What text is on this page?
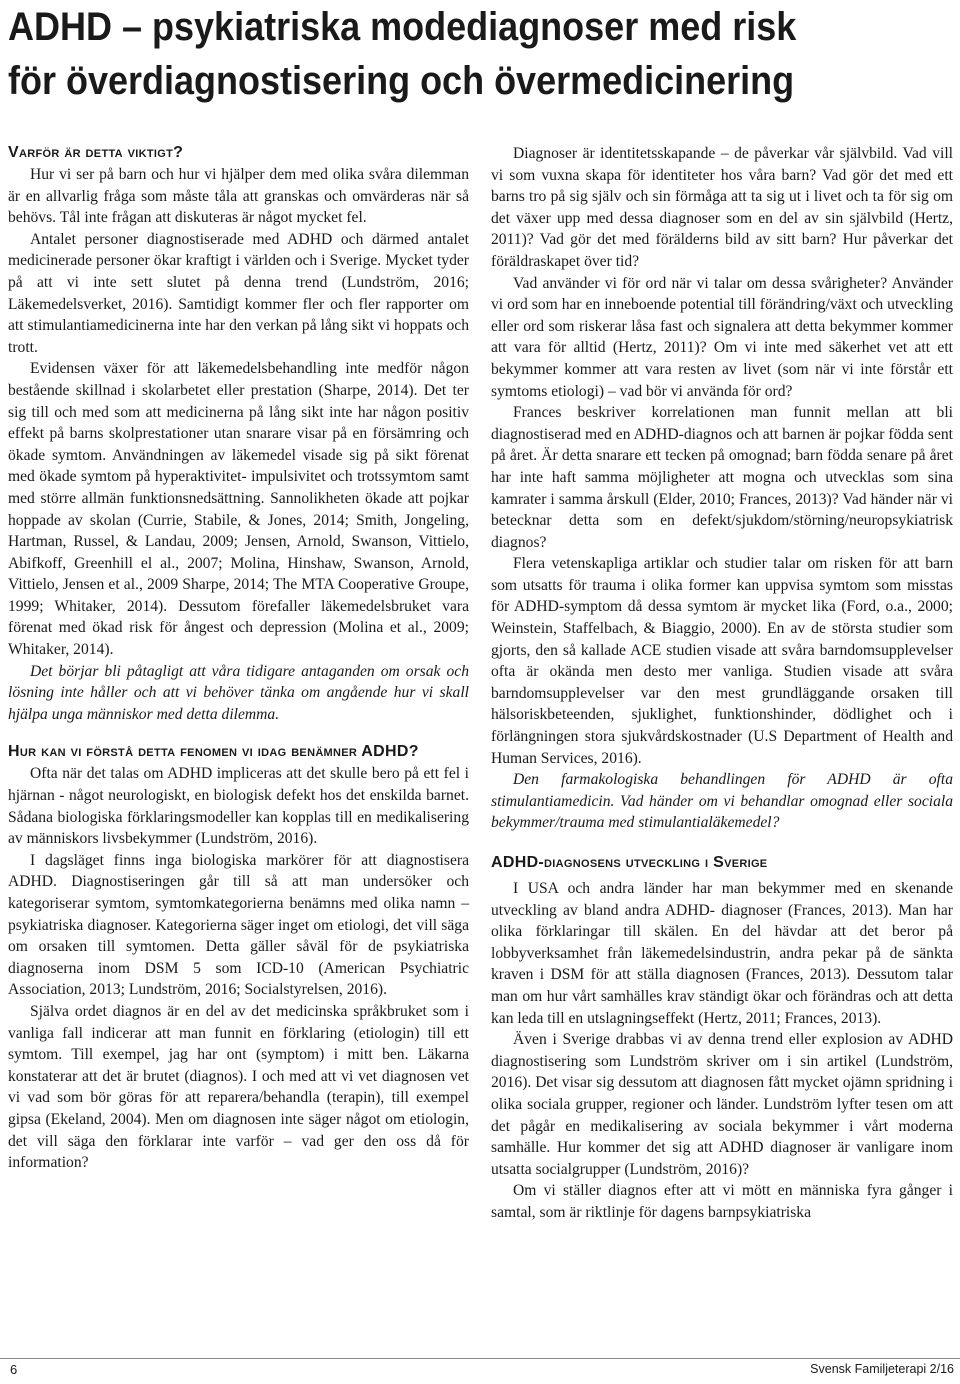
ADHD – psykiatriska modediagnoser med risk
för överdiagnostisering och övermedicinering
Varför är detta viktigt?

Hur vi ser på barn och hur vi hjälper dem med olika svåra dilemman är en allvarlig fråga som måste tåla att granskas och omvärderas när så behövs. Tål inte frågan att diskuteras är något mycket fel.

Antalet personer diagnostiserade med ADHD och därmed antalet medicinerade personer ökar kraftigt i världen och i Sverige. Mycket tyder på att vi inte sett slutet på denna trend (Lundström, 2016; Läkemedelsverket, 2016). Samtidigt kommer fler och fler rapporter om att stimulantiamedicinerna inte har den verkan på lång sikt vi hoppats och trott.

Evidensen växer för att läkemedelsbehandling inte medför någon bestående skillnad i skolarbetet eller prestation (Sharpe, 2014). Det ter sig till och med som att medicinerna på lång sikt inte har någon positiv effekt på barns skolprestationer utan snarare visar på en försämring och ökade symtom. Användningen av läkemedel visade sig på sikt förenat med ökade symtom på hyperaktivitet- impulsivitet och trotssymtom samt med större allmän funktionsnedsättning. Sannolikheten ökade att pojkar hoppade av skolan (Currie, Stabile, & Jones, 2014; Smith, Jongeling, Hartman, Russel, & Landau, 2009; Jensen, Arnold, Swanson, Vittielo, Abifkoff, Greenhill el al., 2007; Molina, Hinshaw, Swanson, Arnold, Vittielo, Jensen et al., 2009 Sharpe, 2014; The MTA Cooperative Groupe, 1999; Whitaker, 2014). Dessutom förefaller läkemedelsbruket vara förenat med ökad risk för ångest och depression (Molina et al., 2009; Whitaker, 2014).

Det börjar bli påtagligt att våra tidigare antaganden om orsak och lösning inte håller och att vi behöver tänka om angående hur vi skall hjälpa unga människor med detta dilemma.

Hur kan vi förstå detta fenomen vi idag benämner ADHD?

Ofta när det talas om ADHD impliceras att det skulle bero på ett fel i hjärnan - något neurologiskt, en biologisk defekt hos det enskilda barnet. Sådana biologiska förklaringsmodeller kan kopplas till en medikalisering av människors livsbekymmer (Lundström, 2016).

I dagsläget finns inga biologiska markörer för att diagnostisera ADHD. Diagnostiseringen går till så att man undersöker och kategoriserar symtom, symtomkategorierna benämns med olika namn – psykiatriska diagnoser. Kategorierna säger inget om etiologi, det vill säga om orsaken till symtomen. Detta gäller såväl för de psykiatriska diagnoserna inom DSM 5 som ICD-10 (American Psychiatric Association, 2013; Lundström, 2016; Socialstyrelsen, 2016).

Själva ordet diagnos är en del av det medicinska språkbruket som i vanliga fall indicerar att man funnit en förklaring (etiologin) till ett symtom. Till exempel, jag har ont (symptom) i mitt ben. Läkarna konstaterar att det är brutet (diagnos). I och med att vi vet diagnosen vet vi vad som bör göras för att reparera/behandla (terapin), till exempel gipsa (Ekeland, 2004). Men om diagnosen inte säger något om etiologin, det vill säga den förklarar inte varför – vad ger den oss då för information?

Diagnoser är identitetsskapande – de påverkar vår självbild. Vad vill vi som vuxna skapa för identiteter hos våra barn? Vad gör det med ett barns tro på sig själv och sin förmåga att ta sig ut i livet och ta för sig om det växer upp med dessa diagnoser som en del av sin självbild (Hertz, 2011)? Vad gör det med förälderns bild av sitt barn? Hur påverkar det föräldraskapet över tid?

Vad använder vi för ord när vi talar om dessa svårigheter? Använder vi ord som har en inneboende potential till förändring/växt och utveckling eller ord som riskerar låsa fast och signalera att detta bekymmer kommer att vara för alltid (Hertz, 2011)? Om vi inte med säkerhet vet att ett bekymmer kommer att vara resten av livet (som när vi inte förstår ett symtoms etiologi) – vad bör vi använda för ord?

Frances beskriver korrelationen man funnit mellan att bli diagnostiserad med en ADHD-diagnos och att barnen är pojkar födda sent på året. Är detta snarare ett tecken på omognad; barn födda senare på året har inte haft samma möjligheter att mogna och utvecklas som sina kamrater i samma årskull (Elder, 2010; Frances, 2013)? Vad händer när vi betecknar detta som en defekt/sjukdom/störning/neuropsykiatrisk diagnos?

Flera vetenskapliga artiklar och studier talar om risken för att barn som utsatts för trauma i olika former kan uppvisa symtom som misstas för ADHD-symptom då dessa symtom är mycket lika (Ford, o.a., 2000; Weinstein, Staffelbach, & Biaggio, 2000). En av de största studier som gjorts, den så kallade ACE studien visade att svåra barndomsupplevelser ofta är okända men desto mer vanliga. Studien visade att svåra barndomsupplevelser var den mest grundläggande orsaken till hälsoriskbeteenden, sjuklighet, funktionshinder, dödlighet och i förlängningen stora sjukvårdskostnader (U.S Department of Health and Human Services, 2016).

Den farmakologiska behandlingen för ADHD är ofta stimulantiamedicin. Vad händer om vi behandlar omognad eller sociala bekymmer/trauma med stimulantialäkemedel?

ADHD-diagnosens utveckling i Sverige

I USA och andra länder har man bekymmer med en skenande utveckling av bland andra ADHD- diagnoser (Frances, 2013). Man har olika förklaringar till skälen. En del hävdar att det beror på lobbyverksamhet från läkemedelsindustrin, andra pekar på de sänkta kraven i DSM för att ställa diagnosen (Frances, 2013). Dessutom talar man om hur vårt samhälles krav ständigt ökar och förändras och att detta kan leda till en utslagningseffekt (Hertz, 2011; Frances, 2013).

Även i Sverige drabbas vi av denna trend eller explosion av ADHD diagnostisering som Lundström skriver om i sin artikel (Lundström, 2016). Det visar sig dessutom att diagnosen fått mycket ojämn spridning i olika sociala grupper, regioner och länder. Lundström lyfter tesen om att det pågår en medikalisering av sociala bekymmer i vårt moderna samhälle. Hur kommer det sig att ADHD diagnoser är vanligare inom utsatta socialgrupper (Lundström, 2016)?

Om vi ställer diagnos efter att vi mött en människa fyra gånger i samtal, som är riktlinje för dagens barnpsykiatriska

6	Svensk Familjeterapi 2/16
